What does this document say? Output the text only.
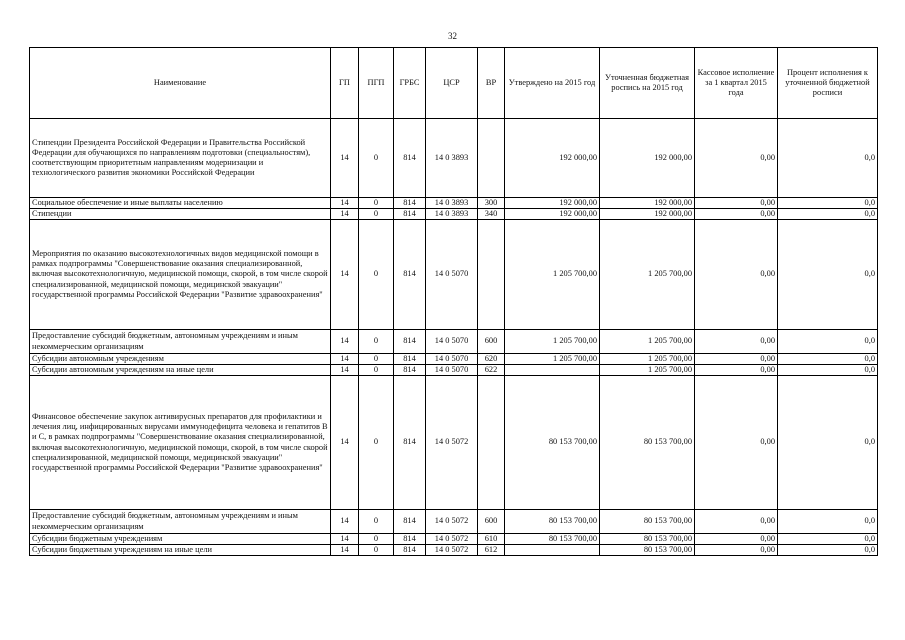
32
Наименование	ГП	ПГП	ГРБС	ЦСР	ВР	Утверждено на 2015 год	Уточненная бюджетная роспись на 2015 год	Кассовое исполнение за 1 квартал 2015 года	Процент исполнения к уточненной бюджетной росписи
Стипендии Президента Российской Федерации и Правительства Российской Федерации для обучающихся по направлениям подготовки (специальностям), соответствующим приоритетным направлениям модернизации и технологического развития экономики Российской Федерации	14	0	814	14 0 3893		192 000,00	192 000,00	0,00	0,0
Социальное обеспечение и иные выплаты населению	14	0	814	14 0 3893	300	192 000,00	192 000,00	0,00	0,0
Стипендии	14	0	814	14 0 3893	340	192 000,00	192 000,00	0,00	0,0
Мероприятия по оказанию высокотехнологичных видов медицинской помощи в рамках подпрограммы "Совершенствование оказания специализированной, включая высокотехнологичную, медицинской помощи, скорой, в том числе скорой специализированной, медицинской помощи, медицинской эвакуации" государственной программы Российской Федерации "Развитие здравоохранения"	14	0	814	14 0 5070		1 205 700,00	1 205 700,00	0,00	0,0
Предоставление субсидий бюджетным, автономным учреждениям и иным некоммерческим организациям	14	0	814	14 0 5070	600	1 205 700,00	1 205 700,00	0,00	0,0
Субсидии автономным учреждениям	14	0	814	14 0 5070	620	1 205 700,00	1 205 700,00	0,00	0,0
Субсидии автономным учреждениям на иные цели	14	0	814	14 0 5070	622		1 205 700,00	0,00	0,0
Финансовое обеспечение закупок антивирусных препаратов для профилактики и лечения лиц, инфицированных вирусами иммунодефицита человека и гепатитов В и С, в рамках подпрограммы "Совершенствование оказания специализированной, включая высокотехнологичную, медицинской помощи, скорой, в том числе скорой специализированной, медицинской помощи, медицинской эвакуации" государственной программы Российской Федерации "Развитие здравоохранения"	14	0	814	14 0 5072		80 153 700,00	80 153 700,00	0,00	0,0
Предоставление субсидий бюджетным, автономным учреждениям и иным некоммерческим организациям	14	0	814	14 0 5072	600	80 153 700,00	80 153 700,00	0,00	0,0
Субсидии бюджетным учреждениям	14	0	814	14 0 5072	610	80 153 700,00	80 153 700,00	0,00	0,0
Субсидии бюджетным учреждениям на иные цели	14	0	814	14 0 5072	612		80 153 700,00	0,00	0,0
